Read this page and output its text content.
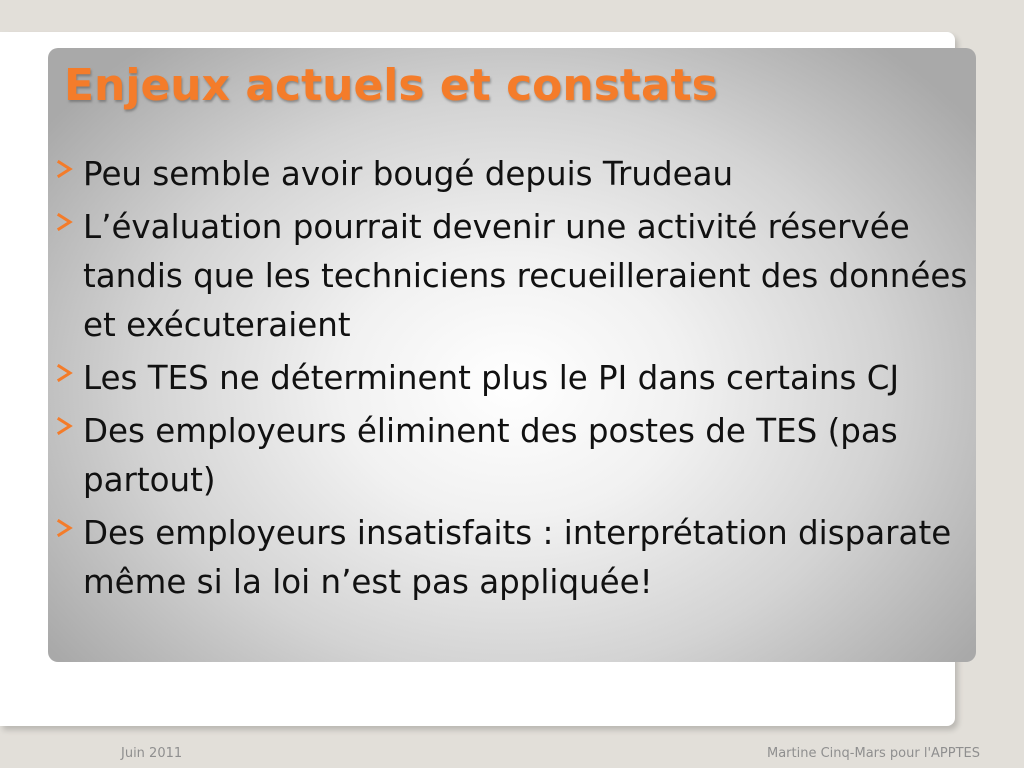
Enjeux actuels et constats
Peu semble avoir bougé depuis Trudeau
L’évaluation pourrait devenir une activité réservée tandis que les techniciens recueilleraient des données et exécuteraient
Les TES ne déterminent plus le PI dans certains CJ
Des employeurs éliminent des postes de TES (pas partout)
Des employeurs insatisfaits : interprétation disparate même si la loi n’est pas appliquée!
Juin 2011	Martine Cinq-Mars pour l'APPTES
